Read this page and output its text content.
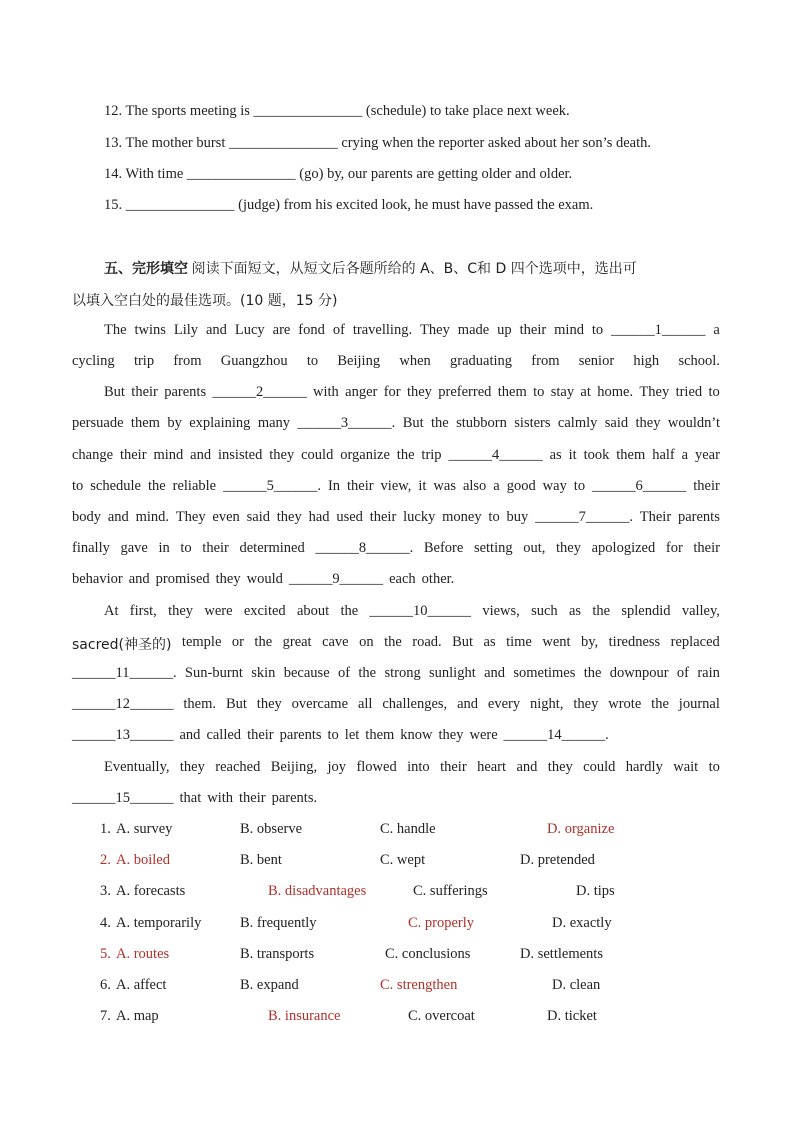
12. The sports meeting is _______________ (schedule) to take place next week.
13. The mother burst _______________ crying when the reporter asked about her son’s death.
14. With time _______________ (go) by, our parents are getting older and older.
15. _______________ (judge) from his excited look, he must have passed the exam.
五、完形填空 阅读下面短文，从短文后各题所给的 A、B、C和 D 四个选项中，选出可
以填入空白处的最佳选项。(10 题，15 分)
The twins Lily and Lucy are fond of travelling. They made up their mind to ______1______ a
cycling trip from Guangzhou to Beijing when graduating from senior high school.
But their parents ______2______ with anger for they preferred them to stay at home. They tried to
persuade them by explaining many ______3______. But the stubborn sisters calmly said they wouldn’t
change their mind and insisted they could organize the trip ______4______ as it took them half a year
to schedule the reliable ______5______. In their view, it was also a good way to ______6______ their
body and mind. They even said they had used their lucky money to buy ______7______. Their parents
finally gave in to their determined ______8______. Before setting out, they apologized for their
behavior and promised they would ______9______ each other.
At first, they were excited about the ______10______ views, such as the splendid valley,
sacred(神圣的) temple or the great cave on the road. But as time went by, tiredness replaced
______11______. Sun-burnt skin because of the strong sunlight and sometimes the downpour of rain
______12______ them. But they overcame all challenges, and every night, they wrote the journal
______13______ and called their parents to let them know they were ______14______.
Eventually, they reached Beijing, joy flowed into their heart and they could hardly wait to
______15______ that with their parents.
1. A. survey	B. observe	C. handle	D. organize
2. A. boiled	B. bent	C. wept	D. pretended
3. A. forecasts	B. disadvantages	C. sufferings	D. tips
4. A. temporarily	B. frequently	C. properly	D. exactly
5. A. routes	B. transports	C. conclusions	D. settlements
6. A. affect	B. expand	C. strengthen	D. clean
7. A. map	B. insurance	C. overcoat	D. ticket
